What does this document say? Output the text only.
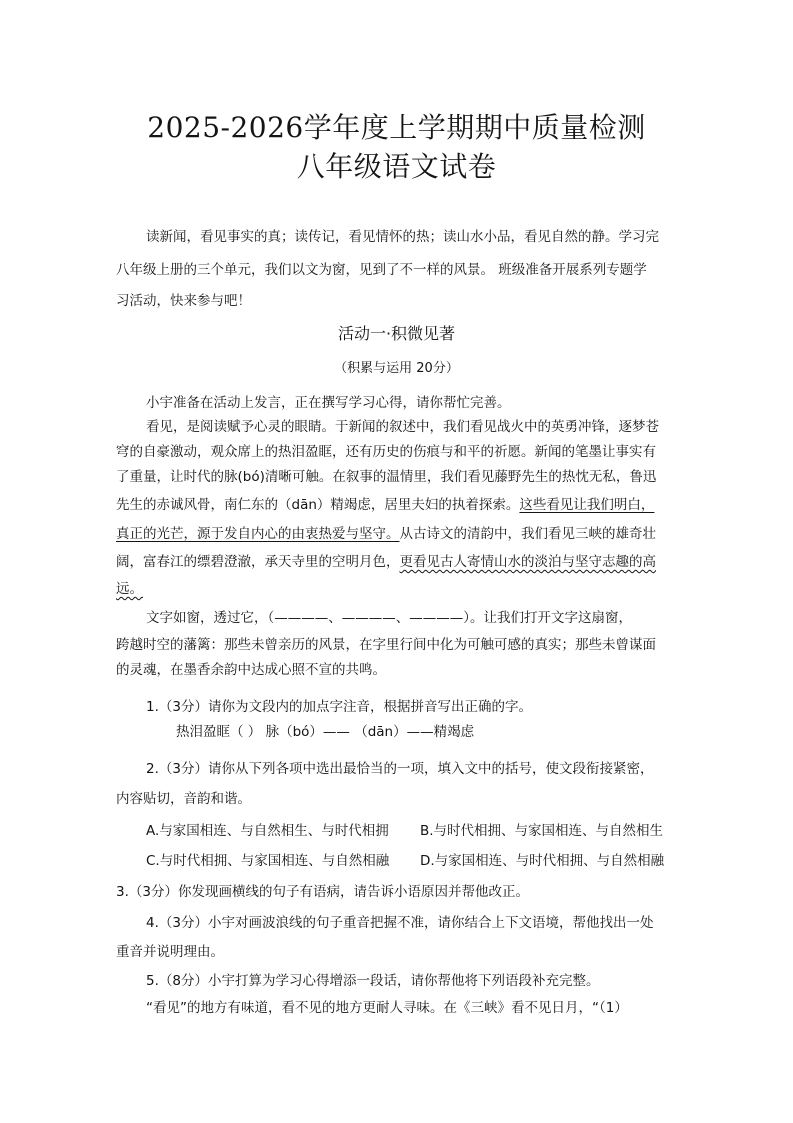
2025-2026学年度上学期期中质量检测
八年级语文试卷
读新闻，看见事实的真；读传记，看见情怀的热；读山水小品，看见自然的静。学习完
八年级上册的三个单元，我们以文为窗，见到了不一样的风景。 班级准备开展系列专题学
习活动，快来参与吧！
活动一·积微见著
（积累与运用 20分）
小宇准备在活动上发言，正在撰写学习心得，请你帮忙完善。
看见，是阅读赋予心灵的眼睛。于新闻的叙述中，我们看见战火中的英勇冲锋，逐梦苍
穹的自豪激动，观众席上的热泪盈眶，还有历史的伤痕与和平的祈愿。新闻的笔墨让事实有
了重量，让时代的脉(bó)清晰可触。在叙事的温情里，我们看见藤野先生的热忱无私，鲁迅
先生的赤诚风骨，南仁东的（dān）精竭虑，居里夫妇的执着探索。这些看见让我们明白，
真正的光芒，源于发自内心的由衷热爱与坚守。从古诗文的清韵中，我们看见三峡的雄奇壮
阔，富春江的缥碧澄澈，承天寺里的空明月色，更看见古人寄情山水的淡泊与坚守志趣的高
远。
文字如窗，透过它，（————、————、————）。让我们打开文字这扇窗，
跨越时空的藩篱：那些未曾亲历的风景，在字里行间中化为可触可感的真实；那些未曾谋面
的灵魂，在墨香余韵中达成心照不宣的共鸣。
1.（3分）请你为文段内的加点字注音，根据拼音写出正确的字。
热泪盈眶（ ） 脉（bó）—— （dān）——精竭虑
2.（3分）请你从下列各项中选出最恰当的一项，填入文中的括号，使文段衔接紧密，
内容贴切，音韵和谐。
A.与家国相连、与自然相生、与时代相拥	B.与时代相拥、与家国相连、与自然相生
C.与时代相拥、与家国相连、与自然相融	D.与家国相连、与时代相拥、与自然相融
3.（3分）你发现画横线的句子有语病，请告诉小语原因并帮他改正。
4.（3分）小宇对画波浪线的句子重音把握不准，请你结合上下文语境，帮他找出一处
重音并说明理由。
5.（8分）小宇打算为学习心得增添一段话，请你帮他将下列语段补充完整。
“看见”的地方有味道，看不见的地方更耐人寻味。在《三峡》看不见日月，“（1）
